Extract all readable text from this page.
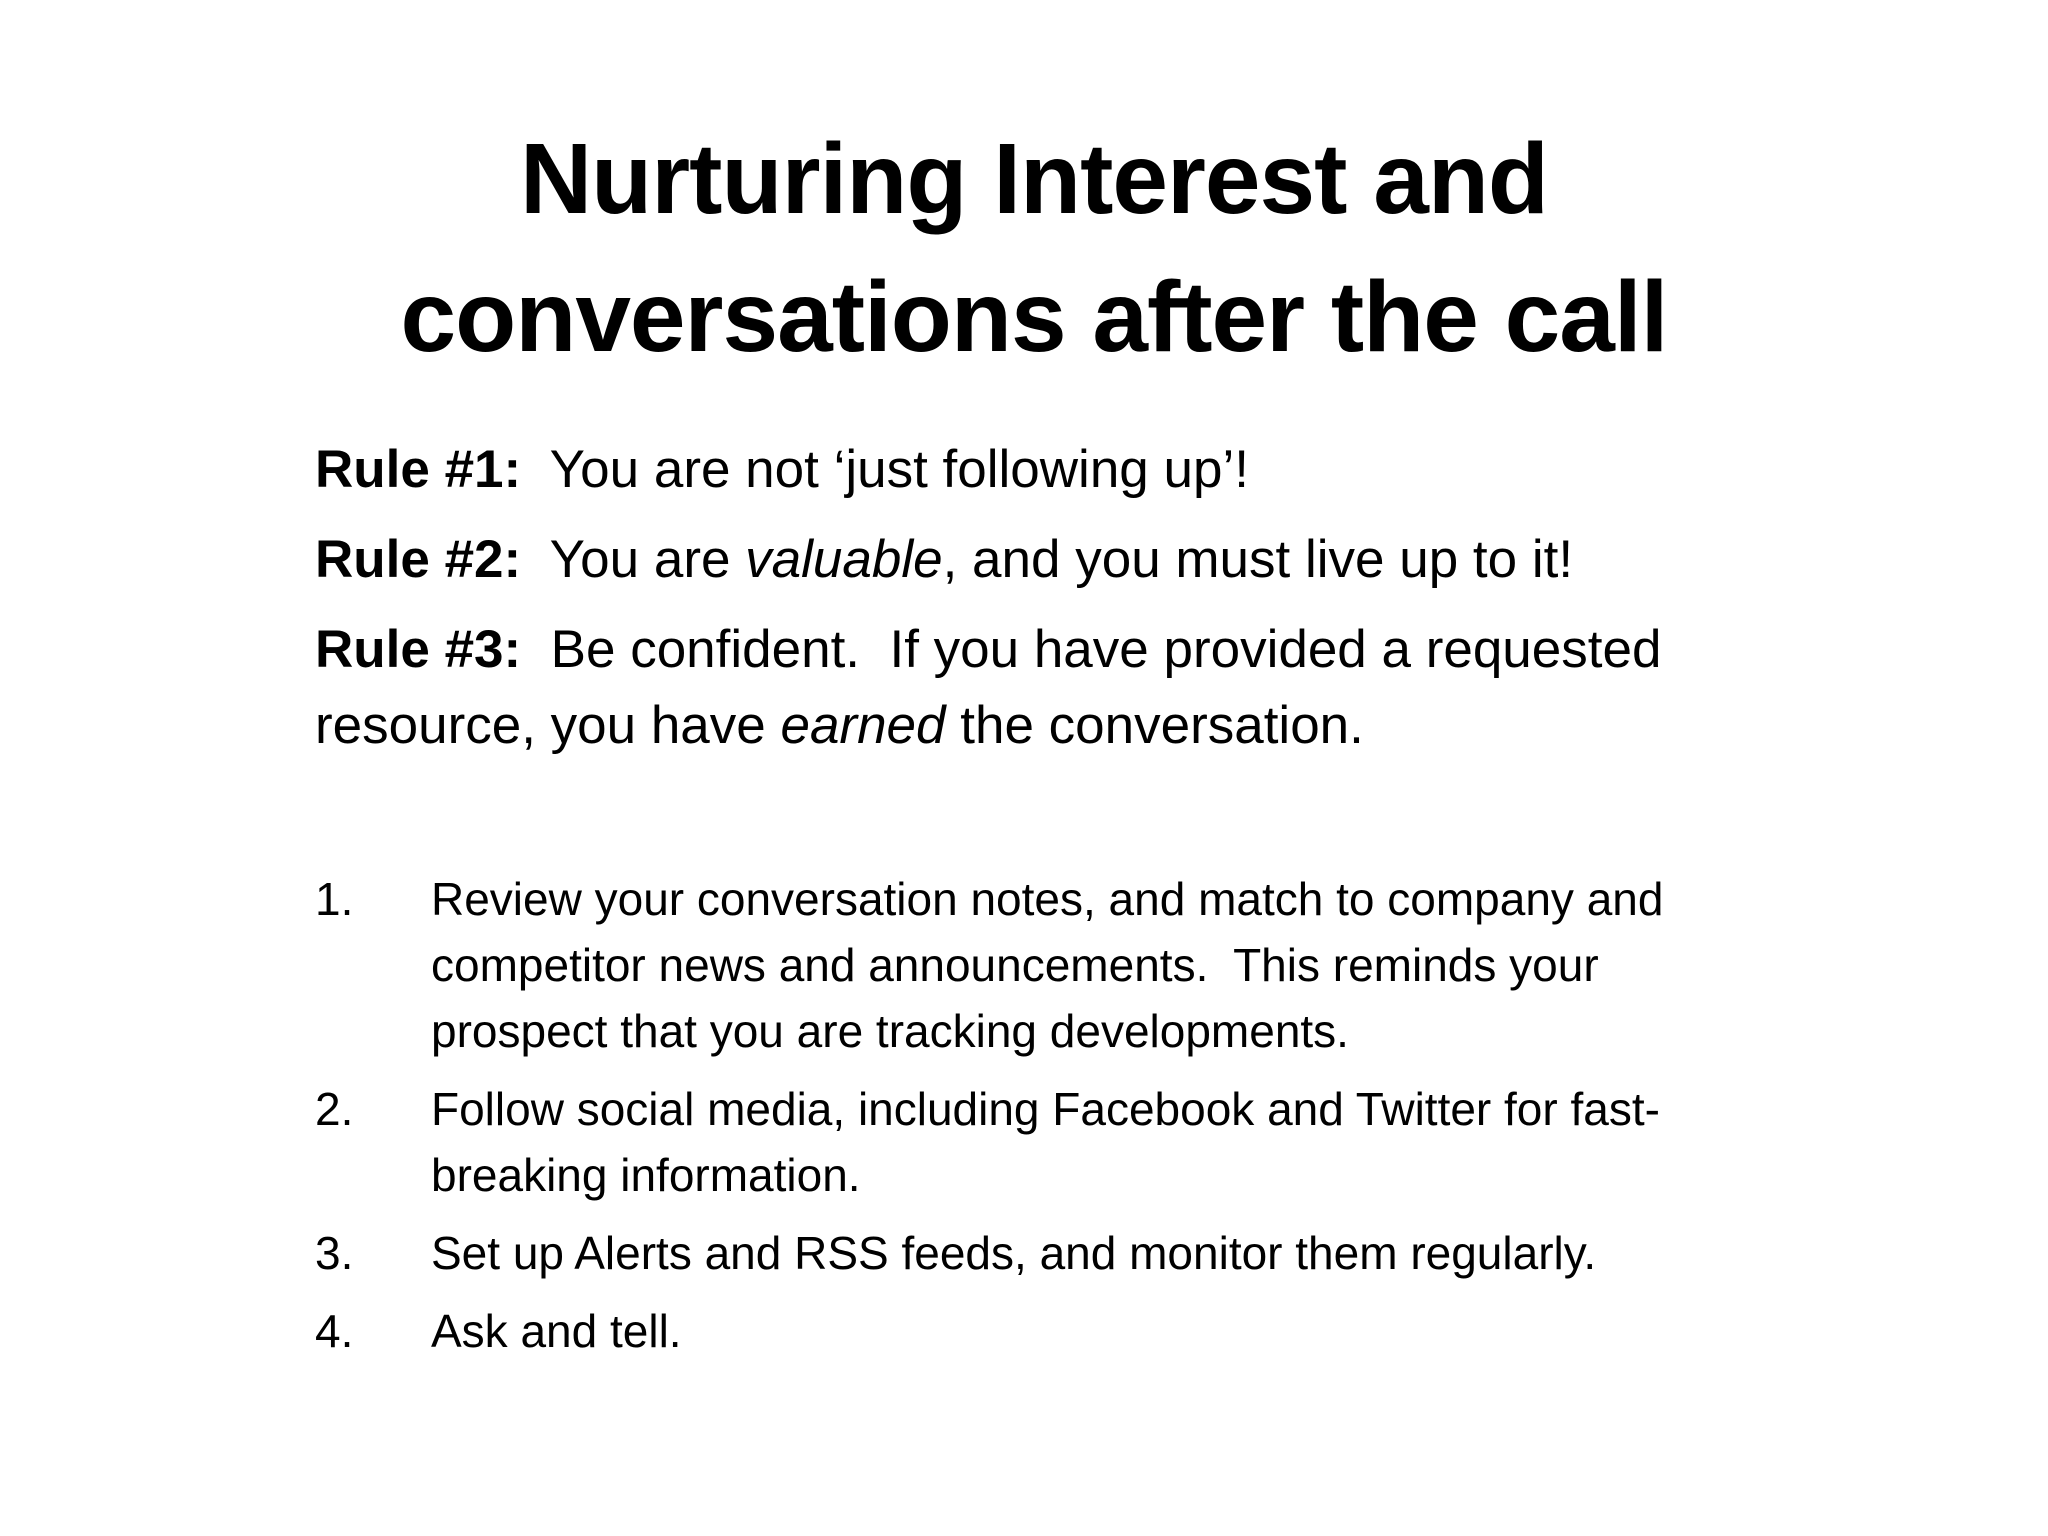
Nurturing Interest and
conversations after the call

Rule #1:  You are not ‘just following up’!

Rule #2:  You are valuable, and you must live up to it!

Rule #3:  Be confident.  If you have provided a requested resource, you have earned the conversation.

1. Review your conversation notes, and match to company and competitor news and announcements.  This reminds your prospect that you are tracking developments.
2. Follow social media, including Facebook and Twitter for fast-breaking information.
3. Set up Alerts and RSS feeds, and monitor them regularly.
4. Ask and tell.
